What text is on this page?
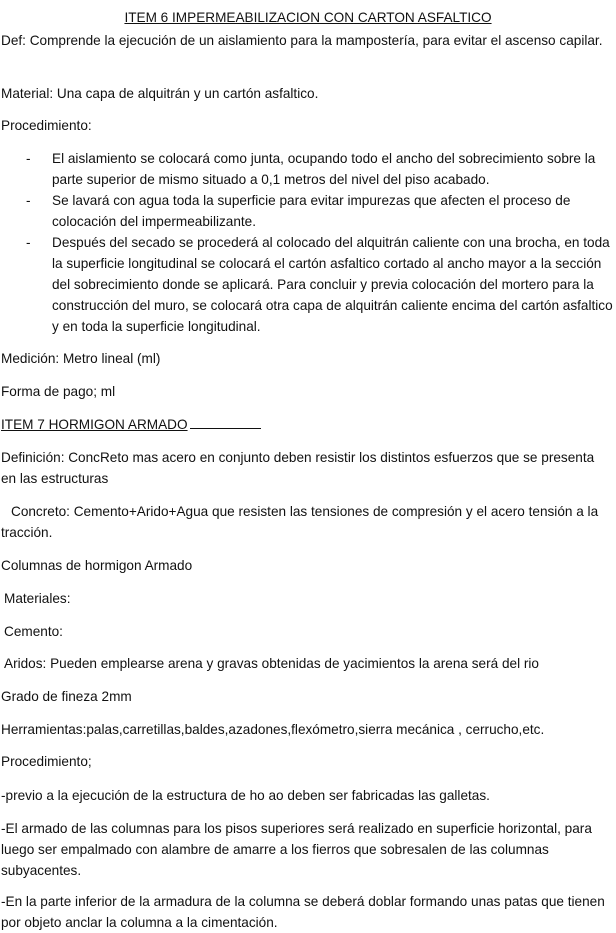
ITEM 6 IMPERMEABILIZACION CON CARTON ASFALTICO

Def: Comprende la ejecución de un aislamiento para la mampostería, para evitar el ascenso capilar.

Material: Una capa de alquitrán y un cartón asfaltico.

Procedimiento:

- El aislamiento se colocará como junta, ocupando todo el ancho del sobrecimiento sobre la parte superior de mismo situado a 0,1 metros del nivel del piso acabado.
- Se lavará con agua toda la superficie para evitar impurezas que afecten el proceso de colocación del impermeabilizante.
- Después del secado se procederá al colocado del alquitrán caliente con una brocha, en toda la superficie longitudinal se colocará el cartón asfaltico cortado al ancho mayor a la sección del sobrecimiento donde se aplicará. Para concluir y previa colocación del mortero para la construcción del muro, se colocará otra capa de alquitrán caliente encima del cartón asfaltico y en toda la superficie longitudinal.

Medición: Metro lineal (ml)

Forma de pago; ml

ITEM 7 HORMIGON ARMADO

Definición: ConcReto mas acero en conjunto deben resistir los distintos esfuerzos que se presenta en las estructuras

Concreto: Cemento+Arido+Agua que resisten las tensiones de compresión y el acero tensión a la tracción.

Columnas de hormigon Armado

Materiales:

Cemento:

Aridos: Pueden emplearse arena y gravas obtenidas de yacimientos la arena será del rio

Grado de fineza 2mm

Herramientas:palas,carretillas,baldes,azadones,flexómetro,sierra mecánica , cerrucho,etc.

Procedimiento;

-previo a la ejecución de la estructura de ho ao deben ser fabricadas las galletas.

-El armado de las columnas para los pisos superiores será realizado en superficie horizontal, para luego ser empalmado con alambre de amarre a los fierros que sobresalen de las columnas subyacentes.

-En la parte inferior de la armadura de la columna se deberá doblar formando unas patas que tienen por objeto anclar la columna a la cimentación.
